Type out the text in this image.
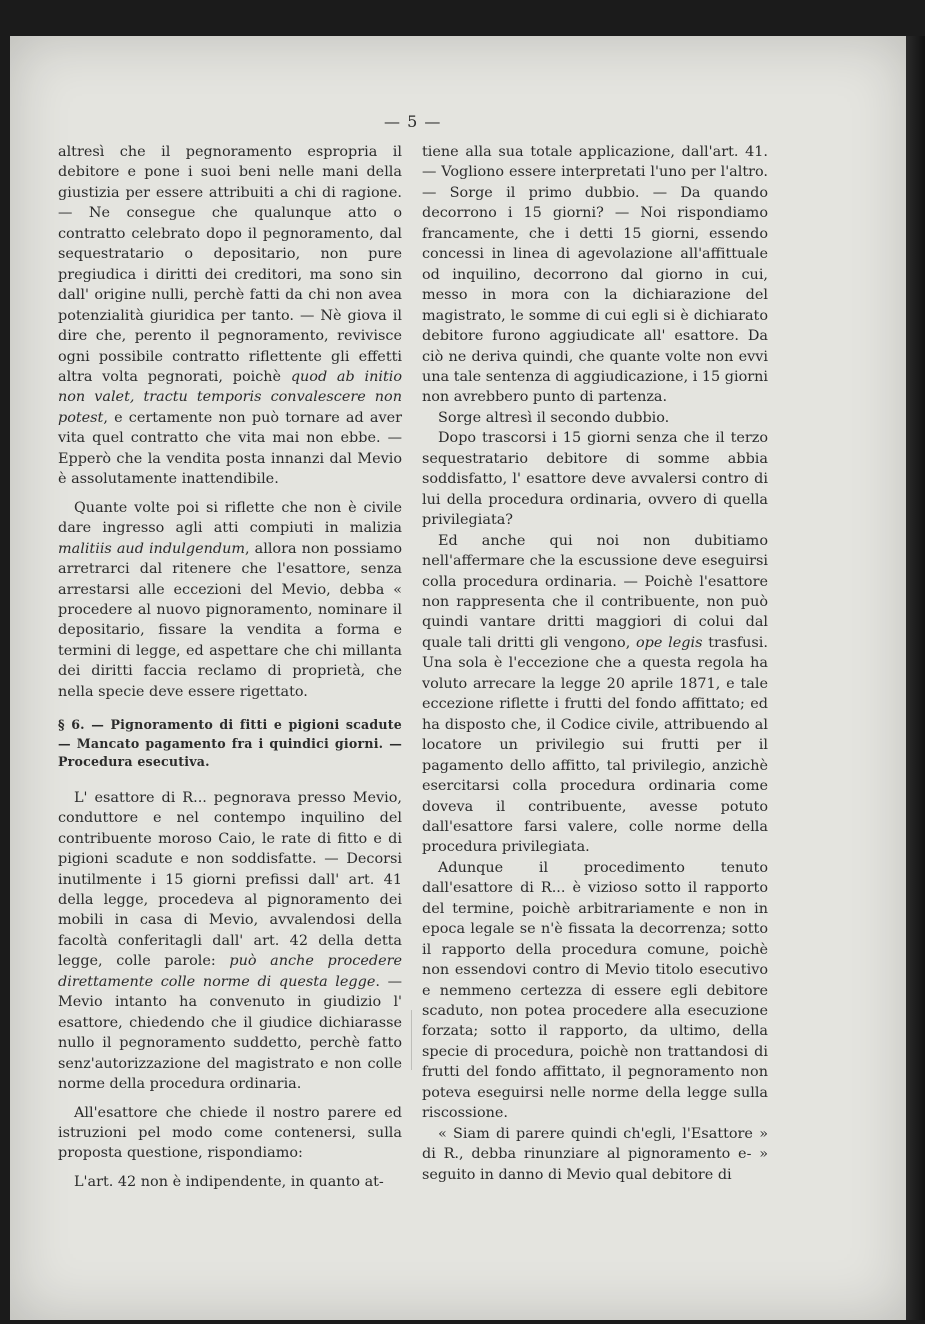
— 5 —

altresì che il pegnoramento espropria il debitore e pone i suoi beni nelle mani della giustizia per essere attribuiti a chi di ragione. — Ne consegue che qualunque atto o contratto celebrato dopo il pegnoramento, dal sequestratario o depositario, non pure pregiudica i diritti dei creditori, ma sono sin dall' origine nulli, perchè fatti da chi non avea potenzialità giuridica per tanto. — Nè giova il dire che, perento il pegnoramento, revivisce ogni possibile contratto riflettente gli effetti altra volta pegnorati, poichè quod ab initio non valet, tractu temporis convalescere non potest, e certamente non può tornare ad aver vita quel contratto che vita mai non ebbe. — Epperò che la vendita posta innanzi dal Mevio è assolutamente inattendibile.

Quante volte poi si riflette che non è civile dare ingresso agli atti compiuti in malizia malitiis aud indulgendum, allora non possiamo arretrarci dal ritenere che l'esattore, senza arrestarsi alle eccezioni del Mevio, debba « procedere al nuovo pignoramento, nominare il depositario, fissare la vendita a forma e termini di legge, ed aspettare che chi millanta dei diritti faccia reclamo di proprietà, che nella specie deve essere rigettato.

§ 6. — Pignoramento di fitti e pigioni scadute — Mancato pagamento fra i quindici giorni. — Procedura esecutiva.

L' esattore di R... pegnorava presso Mevio, conduttore e nel contempo inquilino del contribuente moroso Caio, le rate di fitto e di pigioni scadute e non soddisfatte. — Decorsi inutilmente i 15 giorni prefissi dall' art. 41 della legge, procedeva al pignoramento dei mobili in casa di Mevio, avvalendosi della facoltà conferitagli dall' art. 42 della detta legge, colle parole: può anche procedere direttamente colle norme di questa legge. — Mevio intanto ha convenuto in giudizio l' esattore, chiedendo che il giudice dichiarasse nullo il pegnoramento suddetto, perchè fatto senz'autorizzazione del magistrato e non colle norme della procedura ordinaria.

All'esattore che chiede il nostro parere ed istruzioni pel modo come contenersi, sulla proposta questione, rispondiamo:

L'art. 42 non è indipendente, in quanto at-

tiene alla sua totale applicazione, dall'art. 41. — Vogliono essere interpretati l'uno per l'altro. — Sorge il primo dubbio. — Da quando decorrono i 15 giorni? — Noi rispondiamo francamente, che i detti 15 giorni, essendo concessi in linea di agevolazione all'affittuale od inquilino, decorrono dal giorno in cui, messo in mora con la dichiarazione del magistrato, le somme di cui egli si è dichiarato debitore furono aggiudicate all' esattore. Da ciò ne deriva quindi, che quante volte non evvi una tale sentenza di aggiudicazione, i 15 giorni non avrebbero punto di partenza.

Sorge altresì il secondo dubbio.

Dopo trascorsi i 15 giorni senza che il terzo sequestratario debitore di somme abbia soddisfatto, l' esattore deve avvalersi contro di lui della procedura ordinaria, ovvero di quella privilegiata?

Ed anche qui noi non dubitiamo nell'affermare che la escussione deve eseguirsi colla procedura ordinaria. — Poichè l'esattore non rappresenta che il contribuente, non può quindi vantare dritti maggiori di colui dal quale tali dritti gli vengono, ope legis trasfusi. Una sola è l'eccezione che a questa regola ha voluto arrecare la legge 20 aprile 1871, e tale eccezione riflette i frutti del fondo affittato; ed ha disposto che, il Codice civile, attribuendo al locatore un privilegio sui frutti per il pagamento dello affitto, tal privilegio, anzichè esercitarsi colla procedura ordinaria come doveva il contribuente, avesse potuto dall'esattore farsi valere, colle norme della procedura privilegiata.

Adunque il procedimento tenuto dall'esattore di R... è vizioso sotto il rapporto del termine, poichè arbitrariamente e non in epoca legale se n'è fissata la decorrenza; sotto il rapporto della procedura comune, poichè non essendovi contro di Mevio titolo esecutivo e nemmeno certezza di essere egli debitore scaduto, non potea procedere alla esecuzione forzata; sotto il rapporto, da ultimo, della specie di procedura, poichè non trattandosi di frutti del fondo affittato, il pegnoramento non poteva eseguirsi nelle norme della legge sulla riscossione.

« Siam di parere quindi ch'egli, l'Esattore » di R., debba rinunziare al pignoramento e- » seguito in danno di Mevio qual debitore di
